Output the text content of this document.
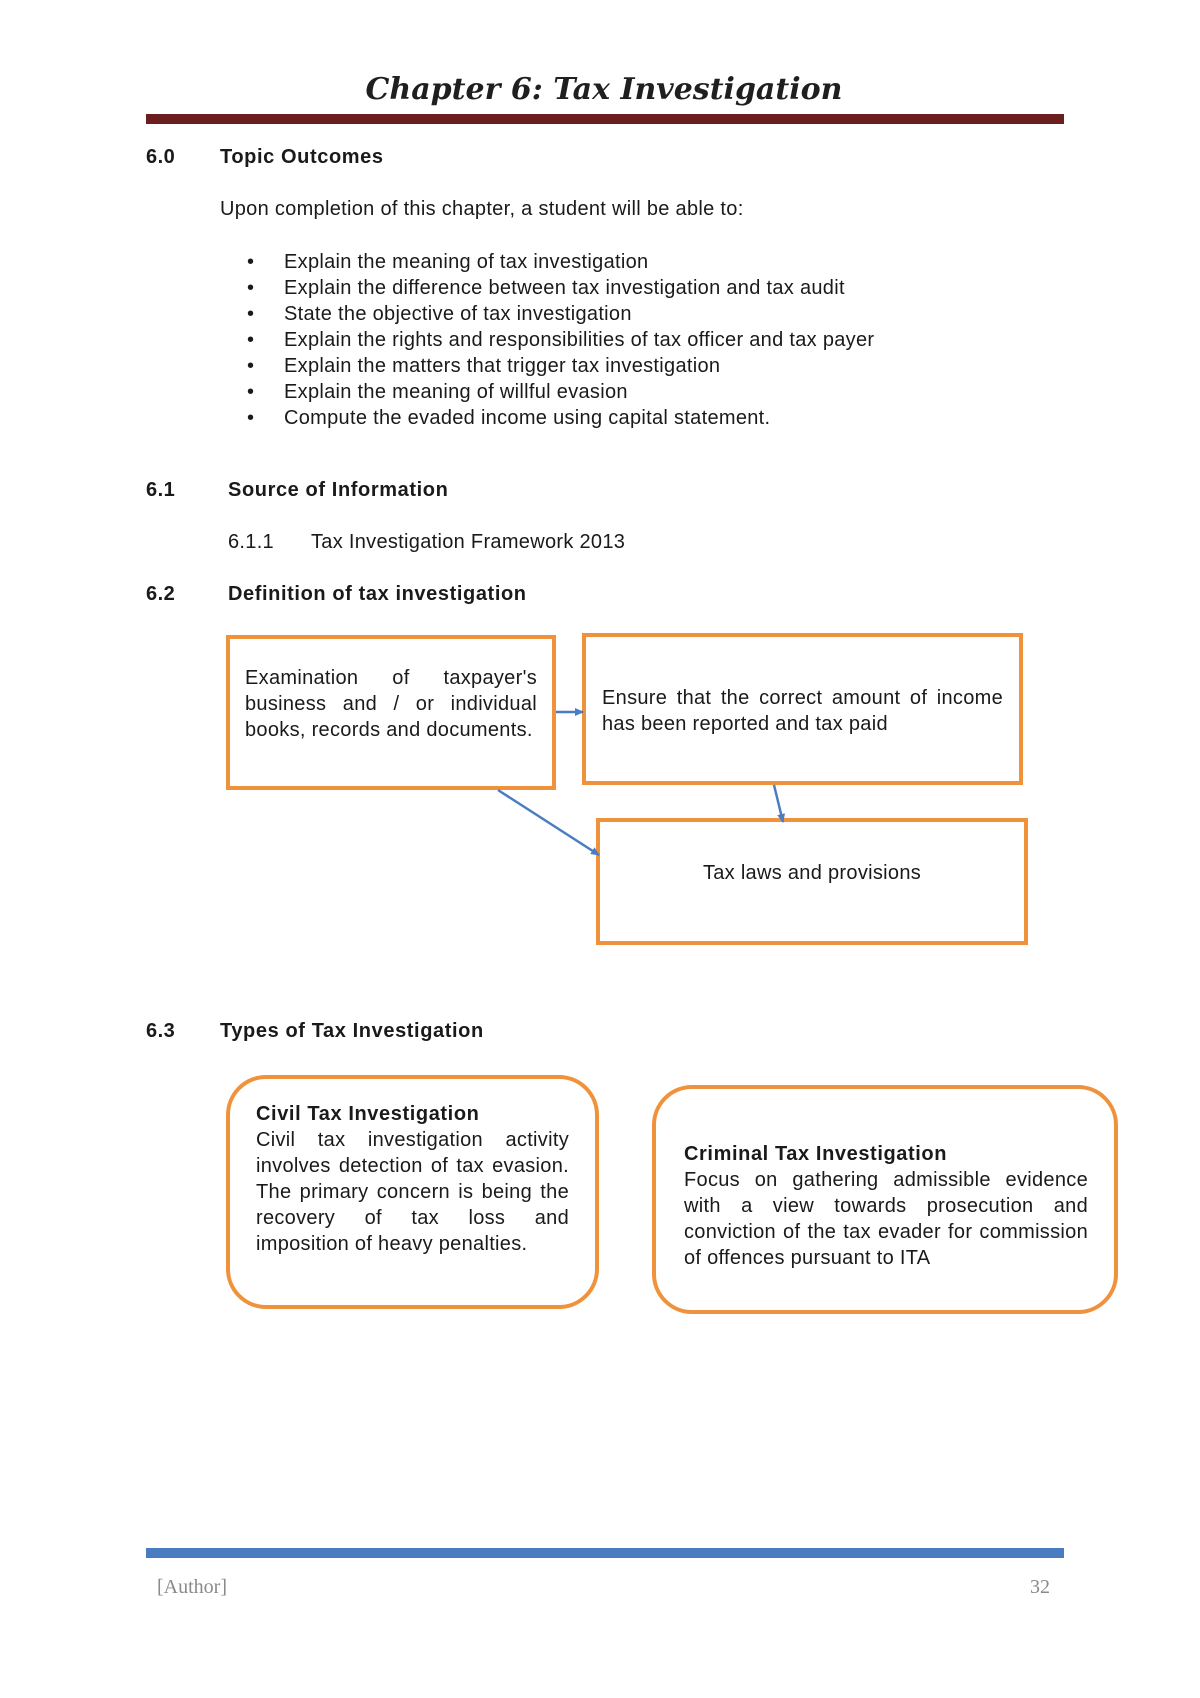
Chapter 6: Tax Investigation
6.0 Topic Outcomes
Upon completion of this chapter, a student will be able to:
• Explain the meaning of tax investigation
• Explain the difference between tax investigation and tax audit
• State the objective of tax investigation
• Explain the rights and responsibilities of tax officer and tax payer
• Explain the matters that trigger tax investigation
• Explain the meaning of willful evasion
• Compute the evaded income using capital statement.
6.1	Source of Information
6.1.1 Tax Investigation Framework 2013
6.2	Definition of tax investigation
Examination of taxpayer's business and / or individual books, records and documents.
Ensure that the correct amount of income has been reported and tax paid
Tax laws and provisions
6.3 Types of Tax Investigation
Civil Tax Investigation
Civil tax investigation activity involves detection of tax evasion. The primary concern is being the recovery of tax loss and imposition of heavy penalties.
Criminal Tax Investigation
Focus on gathering admissible evidence with a view towards prosecution and conviction of the tax evader for commission of offences pursuant to ITA
[Author]	32
